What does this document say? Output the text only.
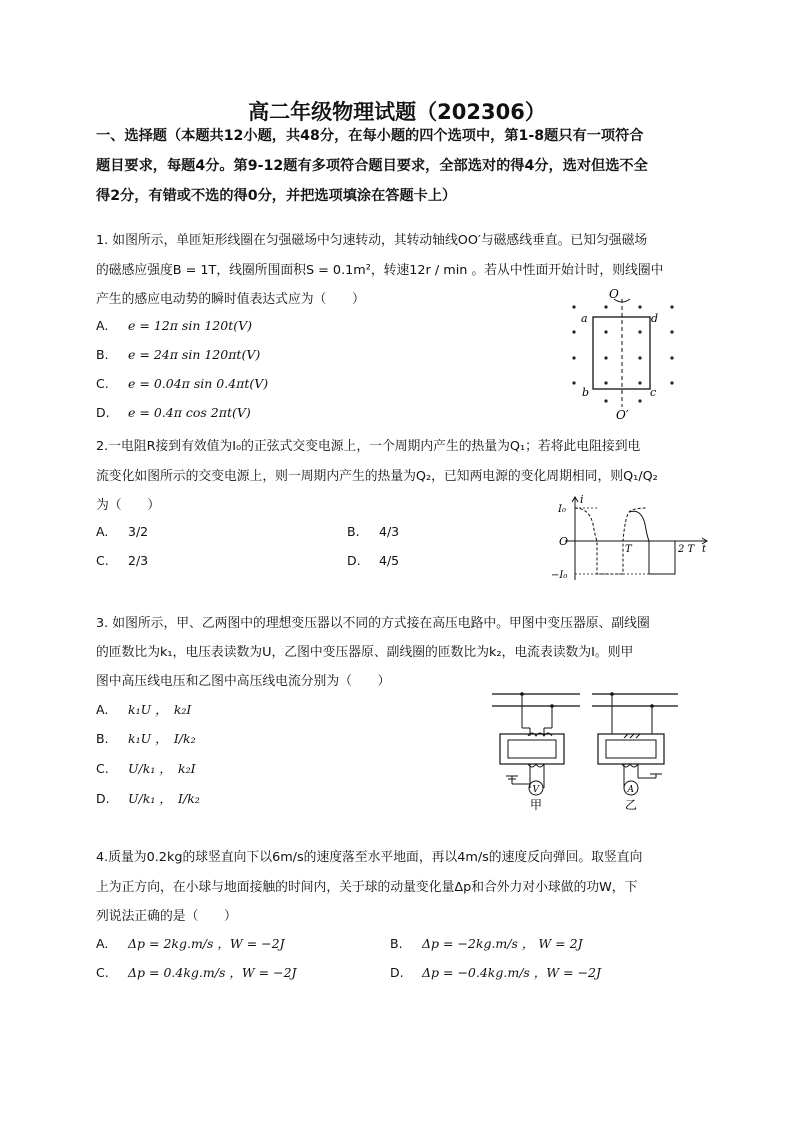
高二年级物理试题（202306）
一、选择题（本题共12小题，共48分，在每小题的四个选项中，第1-8题只有一项符合
题目要求，每题4分。第9-12题有多项符合题目要求，全部选对的得4分，选对但选不全
得2分，有错或不选的得0分，并把选项填涂在答题卡上）
1. 如图所示，单匝矩形线圈在匀强磁场中匀速转动，其转动轴线OO′与磁感线垂直。已知匀强磁场
的磁感应强度B = 1T，线圈所围面积S = 0.1m²，转速12r / min 。若从中性面开始计时，则线圈中
产生的感应电动势的瞬时值表达式应为（　　）
A. e = 12π sin 120t(V)
B. e = 24π sin 120πt(V)
C. e = 0.04π sin 0.4πt(V)
D. e = 0.4π cos 2πt(V)
O
O′
a	d
b	c
2.一电阻R接到有效值为I₀的正弦式交变电源上，一个周期内产生的热量为Q₁；若将此电阻接到电
流变化如图所示的交变电源上，则一周期内产生的热量为Q₂，已知两电源的变化周期相同，则Q₁/Q₂
为（　　）
A. 3/2	B. 4/3
C. 2/3	D. 4/5
i
I₀
O
T	2 T t
−I₀
3. 如图所示，甲、乙两图中的理想变压器以不同的方式接在高压电路中。甲图中变压器原、副线圈
的匝数比为k₁，电压表读数为U，乙图中变压器原、副线圈的匝数比为k₂，电流表读数为I。则甲
图中高压线电压和乙图中高压线电流分别为（　　）
A. k₁U ，　k₂I
B. k₁U ，　I/k₂
C. U/k₁ ，　k₂I
D. U/k₁ ，　I/k₂
V
甲
A
乙
4.质量为0.2kg的球竖直向下以6m/s的速度落至水平地面，再以4m/s的速度反向弹回。取竖直向
上为正方向，在小球与地面接触的时间内，关于球的动量变化量Δp和合外力对小球做的功W，下
列说法正确的是（　　）
A. Δp = 2kg.m/s ，W = −2J	B. Δp = −2kg.m/s ， W = 2J
C. Δp = 0.4kg.m/s ，W = −2J	D. Δp = −0.4kg.m/s ，W = −2J
